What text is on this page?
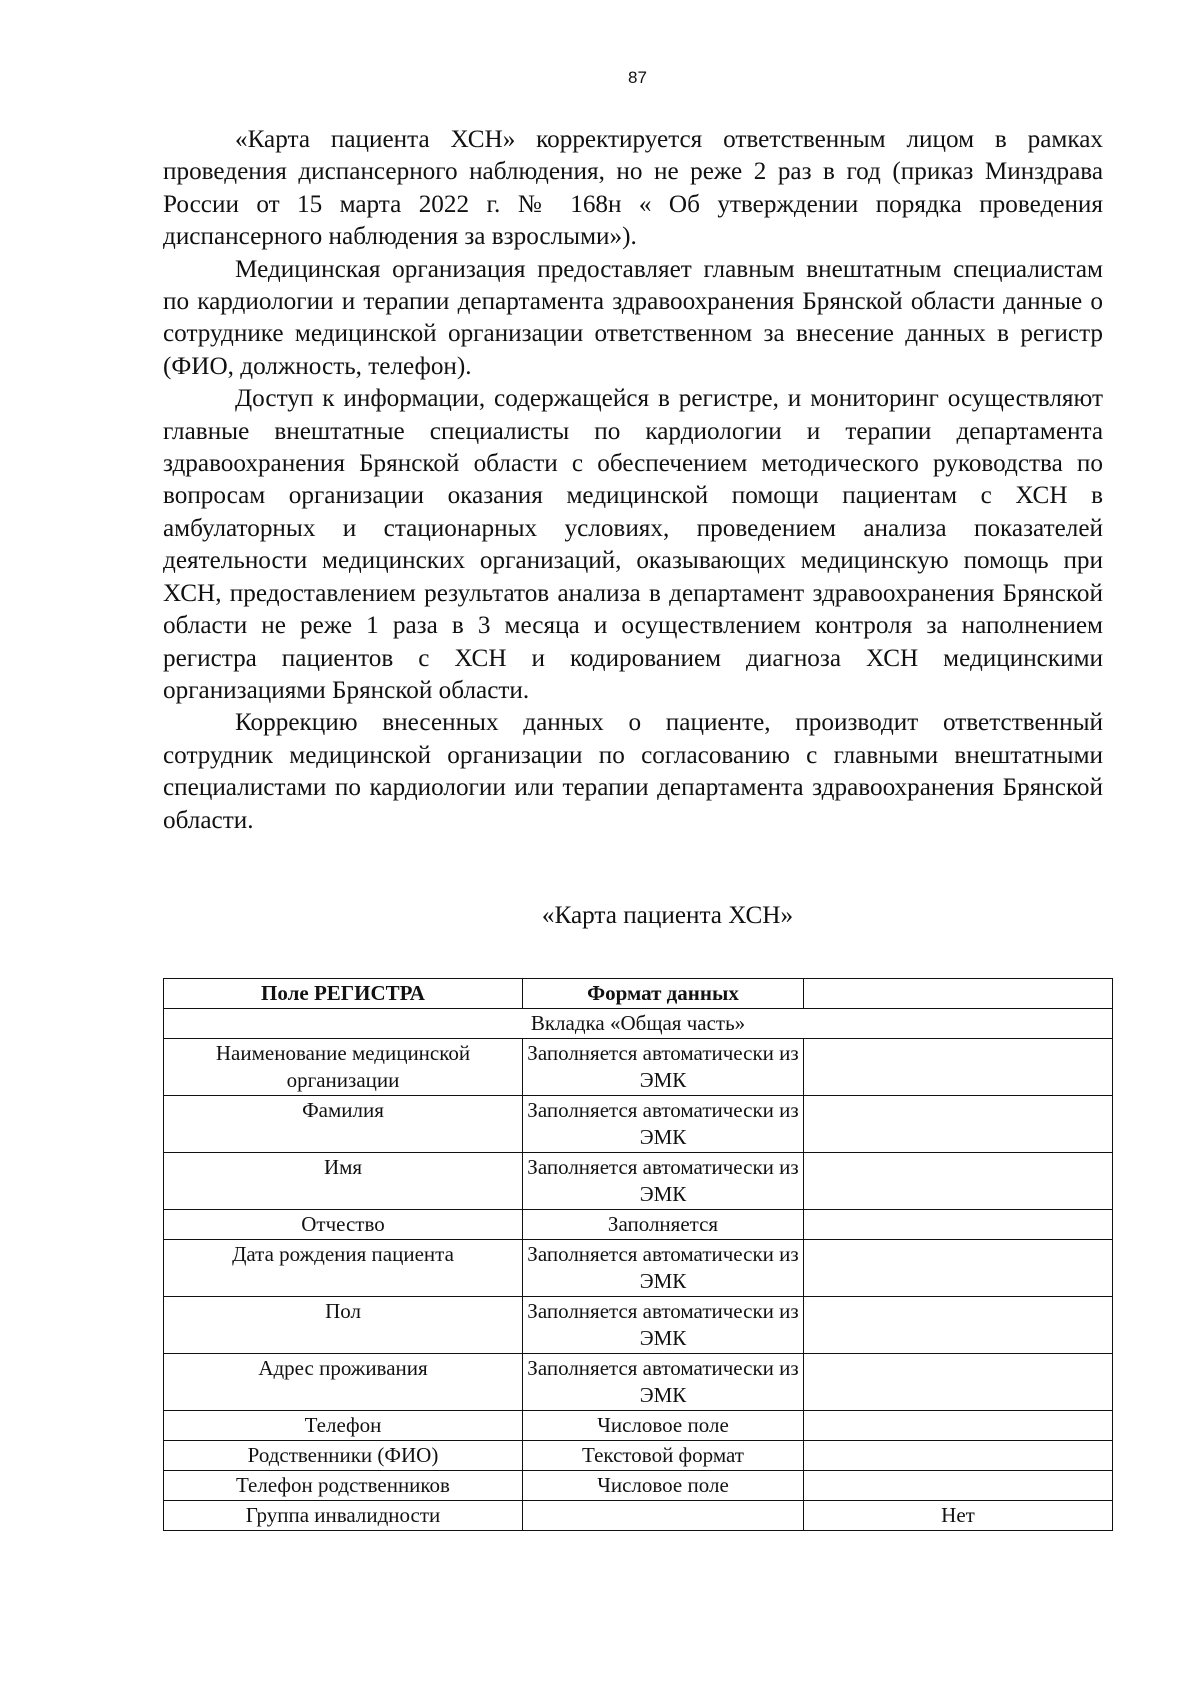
87

«Карта пациента ХСН» корректируется ответственным лицом в рамках проведения диспансерного наблюдения, но не реже 2 раз в год (приказ Минздрава России от 15 марта 2022 г. № 168н « Об утверждении порядка проведения диспансерного наблюдения за взрослыми»).

Медицинская организация предоставляет главным внештатным специалистам по кардиологии и терапии департамента здравоохранения Брянской области данные о сотруднике медицинской организации ответственном за внесение данных в регистр (ФИО, должность, телефон).

Доступ к информации, содержащейся в регистре, и мониторинг осуществляют главные внештатные специалисты по кардиологии и терапии департамента здравоохранения Брянской области с обеспечением методического руководства по вопросам организации оказания медицинской помощи пациентам с ХСН в амбулаторных и стационарных условиях, проведением анализа показателей деятельности медицинских организаций, оказывающих медицинскую помощь при ХСН, предоставлением результатов анализа в департамент здравоохранения Брянской области не реже 1 раза в 3 месяца и осуществлением контроля за наполнением регистра пациентов с ХСН и кодированием диагноза ХСН медицинскими организациями Брянской области.

Коррекцию внесенных данных о пациенте, производит ответственный сотрудник медицинской организации по согласованию с главными внештатными специалистами по кардиологии или терапии департамента здравоохранения Брянской области.

«Карта пациента ХСН»
Поле РЕГИСТРА	Формат данных	
Вкладка «Общая часть»		
Наименование медицинской организации	Заполняется автоматически из ЭМК	
Фамилия	Заполняется автоматически из ЭМК	
Имя	Заполняется автоматически из ЭМК	
Отчество	Заполняется	
Дата рождения пациента	Заполняется автоматически из ЭМК	
Пол	Заполняется автоматически из ЭМК	
Адрес проживания	Заполняется автоматически из ЭМК	
Телефон	Числовое поле	
Родственники (ФИО)	Текстовой формат	
Телефон родственников	Числовое поле	
Группа инвалидности		Нет
